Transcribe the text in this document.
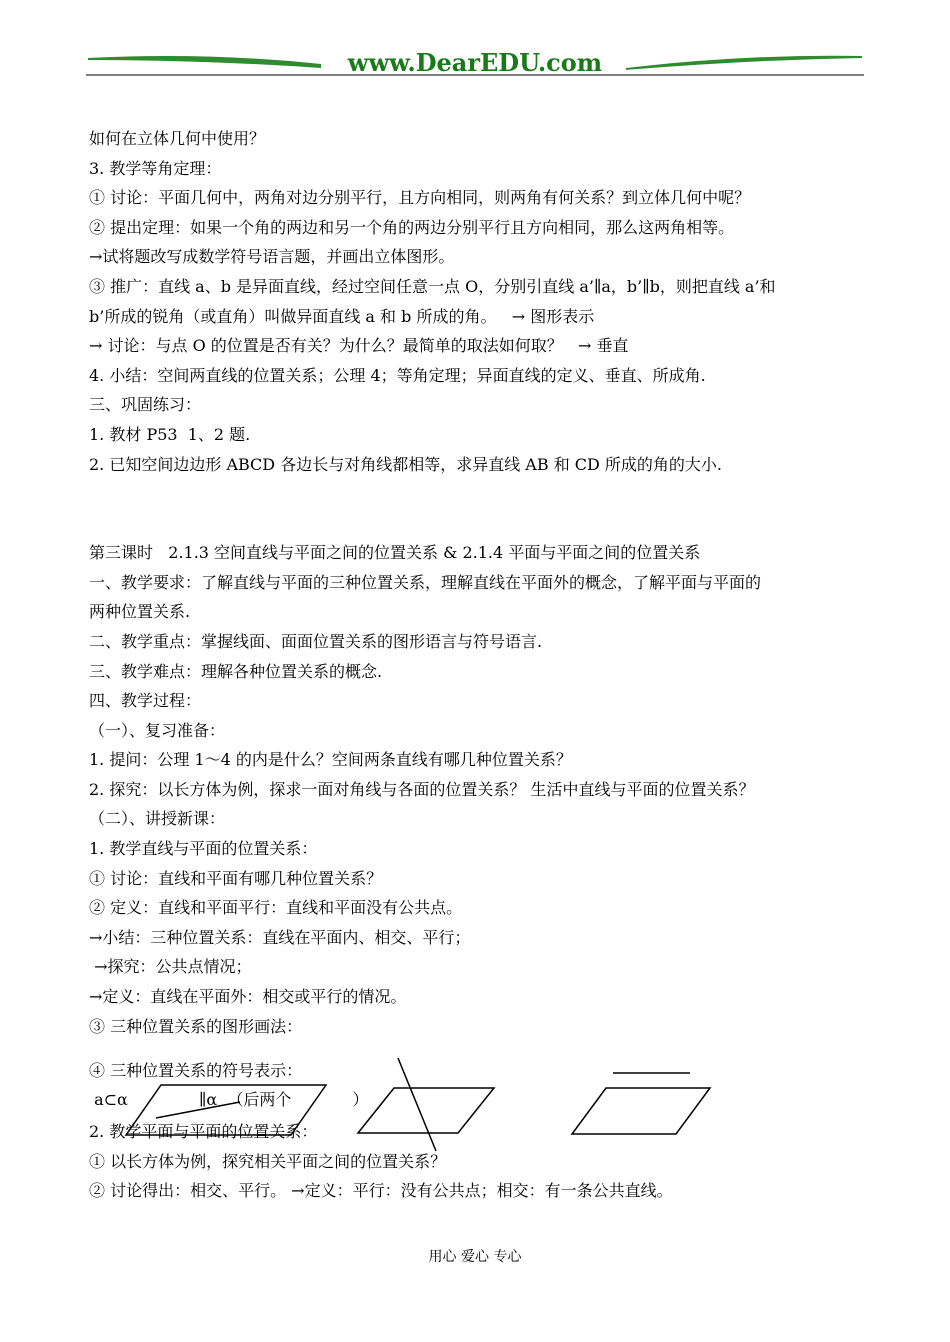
www.DearEDU.com
如何在立体几何中使用？
3. 教学等角定理：
① 讨论：平面几何中，两角对边分别平行，且方向相同，则两角有何关系？到立体几何中呢？
② 提出定理：如果一个角的两边和另一个角的两边分别平行且方向相同，那么这两角相等。
→试将题改写成数学符号语言题，并画出立体图形。
③ 推广：直线 a、b 是异面直线，经过空间任意一点 O，分别引直线 a’∥a，b’∥b，则把直线 a’和
b’所成的锐角（或直角）叫做异面直线 a 和 b 所成的角。   → 图形表示
→ 讨论：与点 O 的位置是否有关？为什么？最简单的取法如何取？   → 垂直
4. 小结：空间两直线的位置关系；公理 4；等角定理；异面直线的定义、垂直、所成角.
三、巩固练习：
1. 教材 P53  1、2 题.
2. 已知空间边边形 ABCD 各边长与对角线都相等，求异直线 AB 和 CD 所成的角的大小.
第三课时   2.1.3 空间直线与平面之间的位置关系 & 2.1.4 平面与平面之间的位置关系
一、教学要求：了解直线与平面的三种位置关系，理解直线在平面外的概念，了解平面与平面的
两种位置关系.
二、教学重点：掌握线面、面面位置关系的图形语言与符号语言.
三、教学难点：理解各种位置关系的概念.
四、教学过程：
（一）、复习准备：
1. 提问：公理 1～4 的内是什么？空间两条直线有哪几种位置关系？
2. 探究：以长方体为例，探求一面对角线与各面的位置关系？ 生活中直线与平面的位置关系？
（二）、讲授新课：
1. 教学直线与平面的位置关系：
① 讨论：直线和平面有哪几种位置关系？
② 定义：直线和平面平行：直线和平面没有公共点。
→小结：三种位置关系：直线在平面内、相交、平行；
→探究：公共点情况；
→定义：直线在平面外：相交或平行的情况。
③ 三种位置关系的图形画法：
④ 三种位置关系的符号表示：
a⊂α              ∥α  （后两个            ）
2. 教学平面与平面的位置关系：
① 以长方体为例，探究相关平面之间的位置关系？
② 讨论得出：相交、平行。 →定义：平行：没有公共点；相交：有一条公共直线。
用心 爱心 专心
